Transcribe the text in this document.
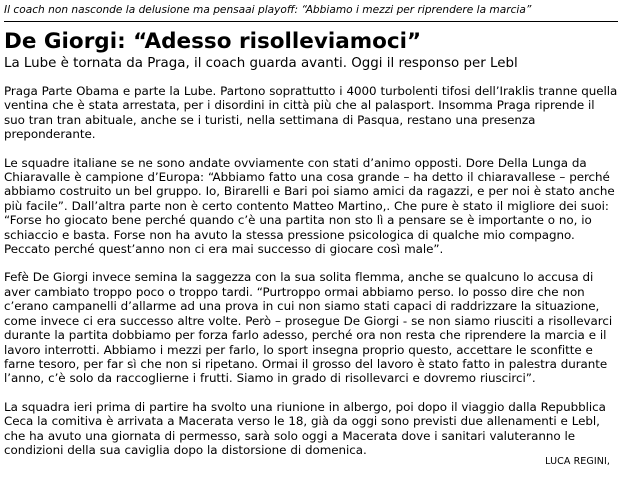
Il coach non nasconde la delusione ma pensaai playoff: “Abbiamo i mezzi per riprendere la marcia”
De Giorgi: “Adesso risolleviamoci”
La Lube è tornata da Praga, il coach guarda avanti. Oggi il responso per Lebl

Praga Parte Obama e parte la Lube. Partono soprattutto i 4000 turbolenti tifosi dell’Iraklis tranne quella ventina che è stata arrestata, per i disordini in città più che al palasport. Insomma Praga riprende il suo tran tran abituale, anche se i turisti, nella settimana di Pasqua, restano una presenza preponderante.

Le squadre italiane se ne sono andate ovviamente con stati d’animo opposti. Dore Della Lunga da Chiaravalle è campione d’Europa: “Abbiamo fatto una cosa grande – ha detto il chiaravallese – perché abbiamo costruito un bel gruppo. Io, Birarelli e Bari poi siamo amici da ragazzi, e per noi è stato anche più facile”. Dall’altra parte non è certo contento Matteo Martino,. Che pure è stato il migliore dei suoi: “Forse ho giocato bene perché quando c’è una partita non sto lì a pensare se è importante o no, io schiaccio e basta. Forse non ha avuto la stessa pressione psicologica di qualche mio compagno. Peccato perché quest’anno non ci era mai successo di giocare così male”.

Fefè De Giorgi invece semina la saggezza con la sua solita flemma, anche se qualcuno lo accusa di aver cambiato troppo poco o troppo tardi. “Purtroppo ormai abbiamo perso. Io posso dire che non c’erano campanelli d’allarme ad una prova in cui non siamo stati capaci di raddrizzare la situazione, come invece ci era successo altre volte. Però – prosegue De Giorgi - se non siamo riusciti a risollevarci durante la partita dobbiamo per forza farlo adesso, perché ora non resta che riprendere la marcia e il lavoro interrotti. Abbiamo i mezzi per farlo, lo sport insegna proprio questo, accettare le sconfitte e farne tesoro, per far sì che non si ripetano. Ormai il grosso del lavoro è stato fatto in palestra durante l’anno, c’è solo da raccoglierne i frutti. Siamo in grado di risollevarci e dovremo riuscirci”.

La squadra ieri prima di partire ha svolto una riunione in albergo, poi dopo il viaggio dalla Repubblica Ceca la comitiva è arrivata a Macerata verso le 18, già da oggi sono previsti due allenamenti e Lebl, che ha avuto una giornata di permesso, sarà solo oggi a Macerata dove i sanitari valuteranno le condizioni della sua caviglia dopo la distorsione di domenica.

LUCA REGINI,
